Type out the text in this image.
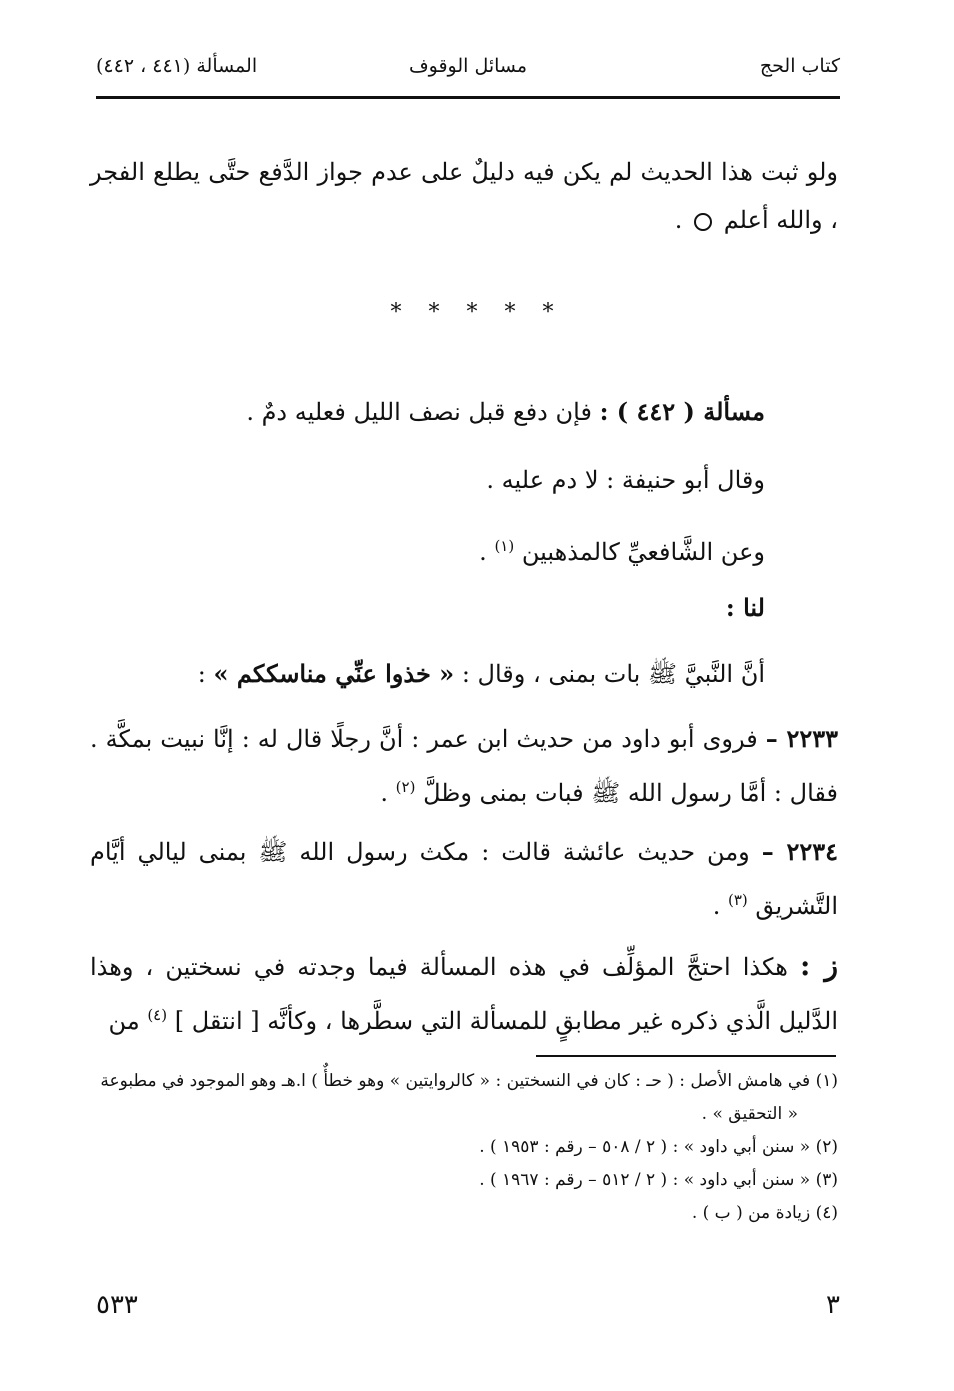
كتاب الحج
مسائل الوقوف
المسألة (٤٤١ ، ٤٤٢)
ولو ثبت هذا الحديث لم يكن فيه دليلٌ على عدم جواز الدَّفع حتَّى يطلع الفجر ، والله أعلم  .
* * * * *
مسألة ( ٤٤٢ ) : فإن دفع قبل نصف الليل فعليه دمٌ .
وقال أبو حنيفة : لا دم عليه .
وعن الشَّافعيِّ كالمذهبين $^{(١)}$ .
لنا :
أنَّ النَّبيَّ ﷺ بات بمنى ، وقال : « خذوا عنِّي مناسككم » :
٢٢٣٣ – فروى أبو داود من حديث ابن عمر : أنَّ رجلًا قال له : إنَّا نبيت بمكَّة . فقال : أمَّا رسول الله ﷺ فبات بمنى وظلَّ $^{(٢)}$ .
٢٢٣٤ – ومن حديث عائشة قالت : مكث رسول الله ﷺ بمنى ليالي أيَّام التَّشريق $^{(٣)}$ .
ز : هكذا احتجَّ المؤلِّف في هذه المسألة فيما وجدته في نسختين ، وهذا الدَّليل الَّذي ذكره غير مطابقٍ للمسألة التي سطَّرها ، وكأنَّه [ انتقل ] $^{(٤)}$ من
(١) في هامش الأصل : ( حـ : كان في النسختين : « كالروايتين » وهو خطأٌ ) ا.هـ وهو الموجود في مطبوعة « التحقيق » .
(٢) « سنن أبي داود » : ( ٢ / ٥٠٨ – رقم : ١٩٥٣ ) .
(٣) « سنن أبي داود » : ( ٢ / ٥١٢ – رقم : ١٩٦٧ ) .
(٤) زيادة من ( ب ) .
٣
٥٣٣
